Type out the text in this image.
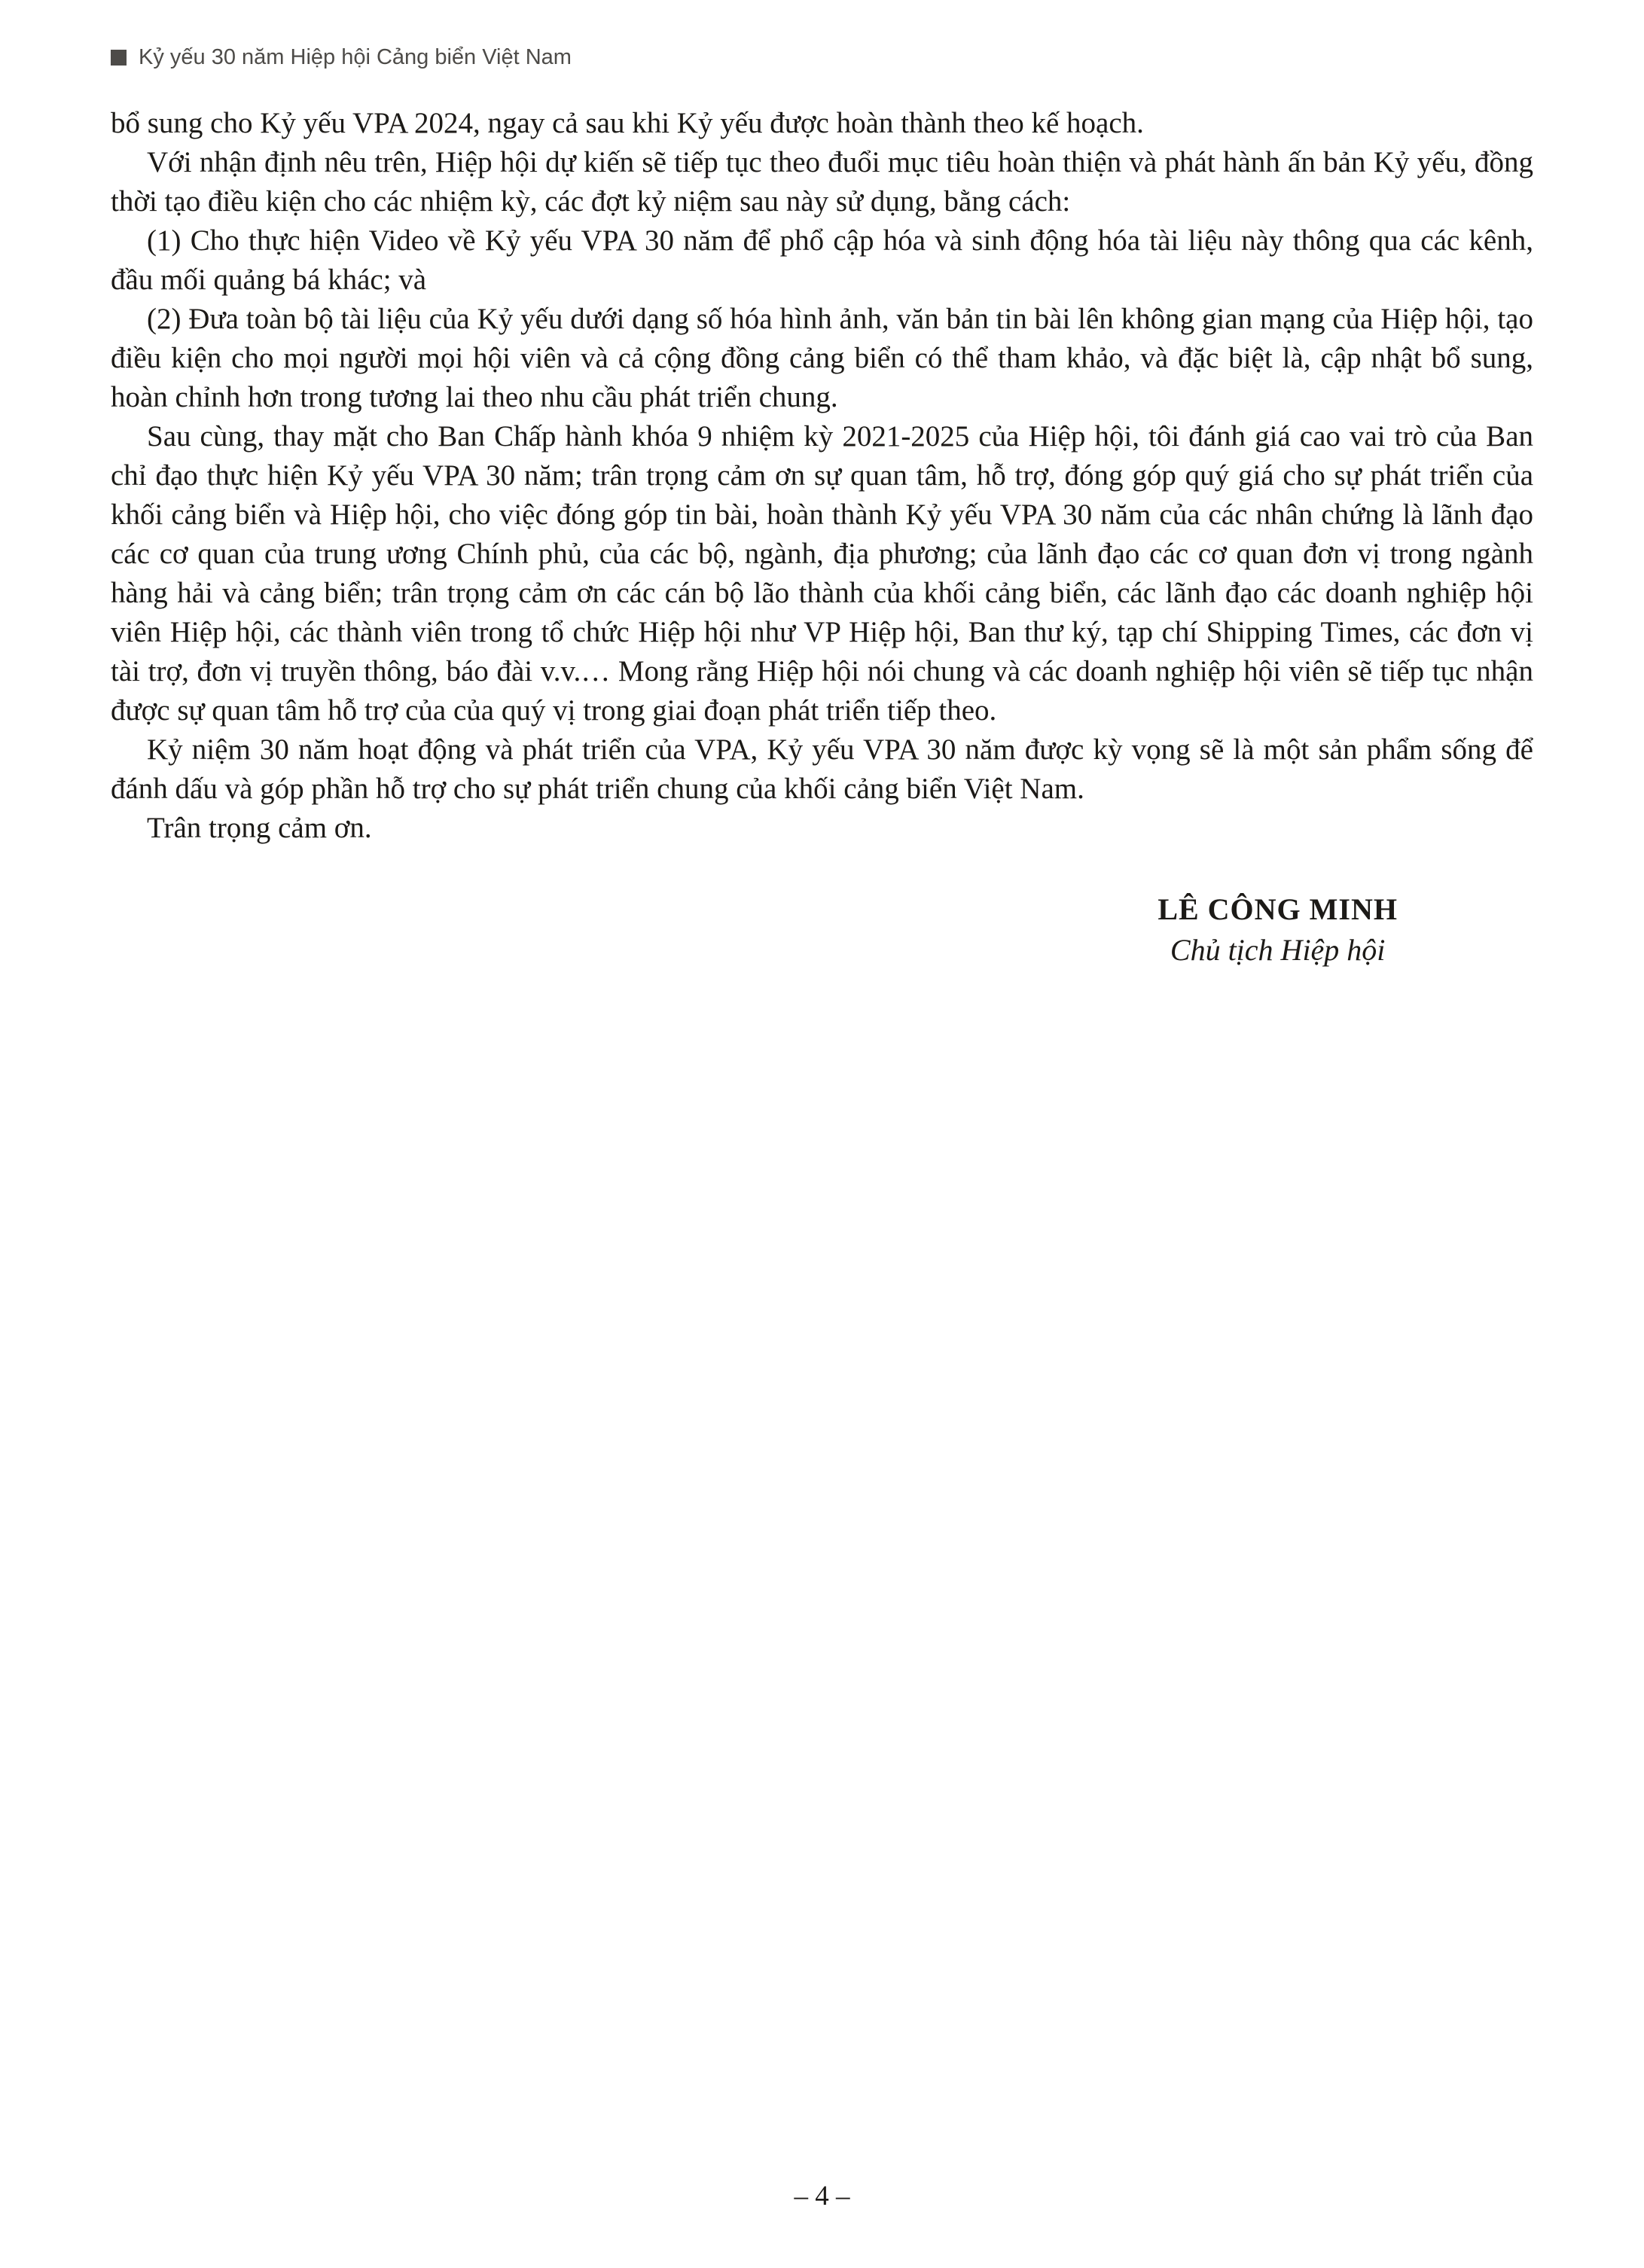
Kỷ yếu 30 năm Hiệp hội Cảng biển Việt Nam

bổ sung cho Kỷ yếu VPA 2024, ngay cả sau khi Kỷ yếu được hoàn thành theo kế hoạch.

Với nhận định nêu trên, Hiệp hội dự kiến sẽ tiếp tục theo đuổi mục tiêu hoàn thiện và phát hành ấn bản Kỷ yếu, đồng thời tạo điều kiện cho các nhiệm kỳ, các đợt kỷ niệm sau này sử dụng, bằng cách:

(1) Cho thực hiện Video về Kỷ yếu VPA 30 năm để phổ cập hóa và sinh động hóa tài liệu này thông qua các kênh, đầu mối quảng bá khác; và

(2) Đưa toàn bộ tài liệu của Kỷ yếu dưới dạng số hóa hình ảnh, văn bản tin bài lên không gian mạng của Hiệp hội, tạo điều kiện cho mọi người mọi hội viên và cả cộng đồng cảng biển có thể tham khảo, và đặc biệt là, cập nhật bổ sung, hoàn chỉnh hơn trong tương lai theo nhu cầu phát triển chung.

Sau cùng, thay mặt cho Ban Chấp hành khóa 9 nhiệm kỳ 2021-2025 của Hiệp hội, tôi đánh giá cao vai trò của Ban chỉ đạo thực hiện Kỷ yếu VPA 30 năm; trân trọng cảm ơn sự quan tâm, hỗ trợ, đóng góp quý giá cho sự phát triển của khối cảng biển và Hiệp hội, cho việc đóng góp tin bài, hoàn thành Kỷ yếu VPA 30 năm của các nhân chứng là lãnh đạo các cơ quan của trung ương Chính phủ, của các bộ, ngành, địa phương; của lãnh đạo các cơ quan đơn vị trong ngành hàng hải và cảng biển; trân trọng cảm ơn các cán bộ lão thành của khối cảng biển, các lãnh đạo các doanh nghiệp hội viên Hiệp hội, các thành viên trong tổ chức Hiệp hội như VP Hiệp hội, Ban thư ký, tạp chí Shipping Times, các đơn vị tài trợ, đơn vị truyền thông, báo đài v.v.… Mong rằng Hiệp hội nói chung và các doanh nghiệp hội viên sẽ tiếp tục nhận được sự quan tâm hỗ trợ của của quý vị trong giai đoạn phát triển tiếp theo.

Kỷ niệm 30 năm hoạt động và phát triển của VPA, Kỷ yếu VPA 30 năm được kỳ vọng sẽ là một sản phẩm sống để đánh dấu và góp phần hỗ trợ cho sự phát triển chung của khối cảng biển Việt Nam.

Trân trọng cảm ơn.

LÊ CÔNG MINH
Chủ tịch Hiệp hội
– 4 –
